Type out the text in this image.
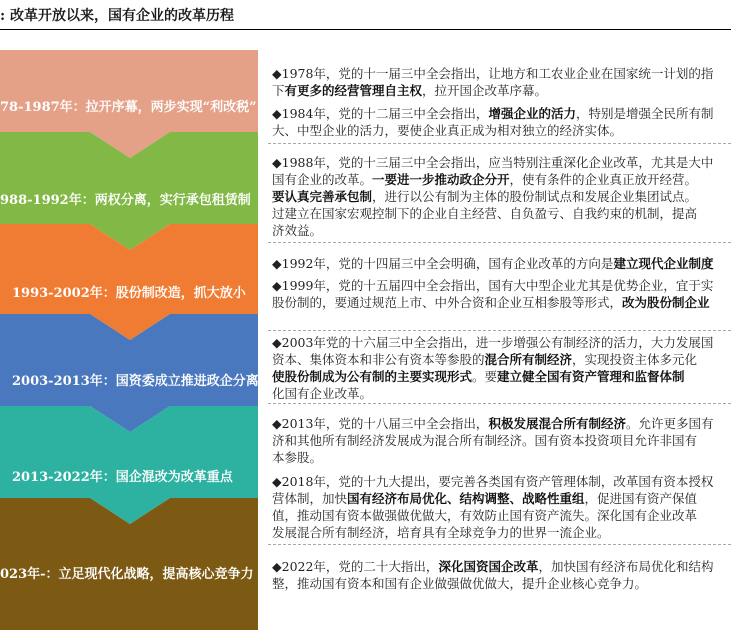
: 改革开放以来，国有企业的改革历程
78-1987年：拉开序幕，两步实现“利改税”
988-1992年：两权分离，实行承包租赁制
1993-2002年：股份制改造，抓大放小
2003-2013年：国资委成立推进政企分离
2013-2022年：国企混改为改革重点
023年-：立足现代化战略，提高核心竞争力
◆1978年，党的十一届三中全会指出，让地方和工农业企业在国家统一计划的指
下有更多的经营管理自主权，拉开国企改革序幕。
◆1984年，党的十二届三中全会指出，增强企业的活力，特别是增强全民所有制
大、中型企业的活力，要使企业真正成为相对独立的经济实体。
◆1988年，党的十三届三中全会指出，应当特别注重深化企业改革，尤其是大中
国有企业的改革。一要进一步推动政企分开，使有条件的企业真正放开经营。
要认真完善承包制，进行以公有制为主体的股份制试点和发展企业集团试点。
过建立在国家宏观控制下的企业自主经营、自负盈亏、自我约束的机制，提高
济效益。
◆1992年，党的十四届三中全会明确，国有企业改革的方向是建立现代企业制度
◆1999年，党的十五届四中全会指出，国有大中型企业尤其是优势企业，宜于实
股份制的，要通过规范上市、中外合资和企业互相参股等形式，改为股份制企业
◆2003年党的十六届三中全会指出，进一步增强公有制经济的活力，大力发展国
资本、集体资本和非公有资本等参股的混合所有制经济，实现投资主体多元化
使股份制成为公有制的主要实现形式。要建立健全国有资产管理和监督体制
化国有企业改革。
◆2013年，党的十八届三中全会指出，积极发展混合所有制经济。允许更多国有
济和其他所有制经济发展成为混合所有制经济。国有资本投资项目允许非国有
本参股。
◆2018年，党的十九大提出，要完善各类国有资产管理体制，改革国有资本授权
营体制，加快国有经济布局优化、结构调整、战略性重组，促进国有资产保值
值，推动国有资本做强做优做大，有效防止国有资产流失。深化国有企业改革
发展混合所有制经济，培育具有全球竞争力的世界一流企业。
◆2022年，党的二十大指出，深化国资国企改革，加快国有经济布局优化和结构
整，推动国有资本和国有企业做强做优做大，提升企业核心竞争力。
